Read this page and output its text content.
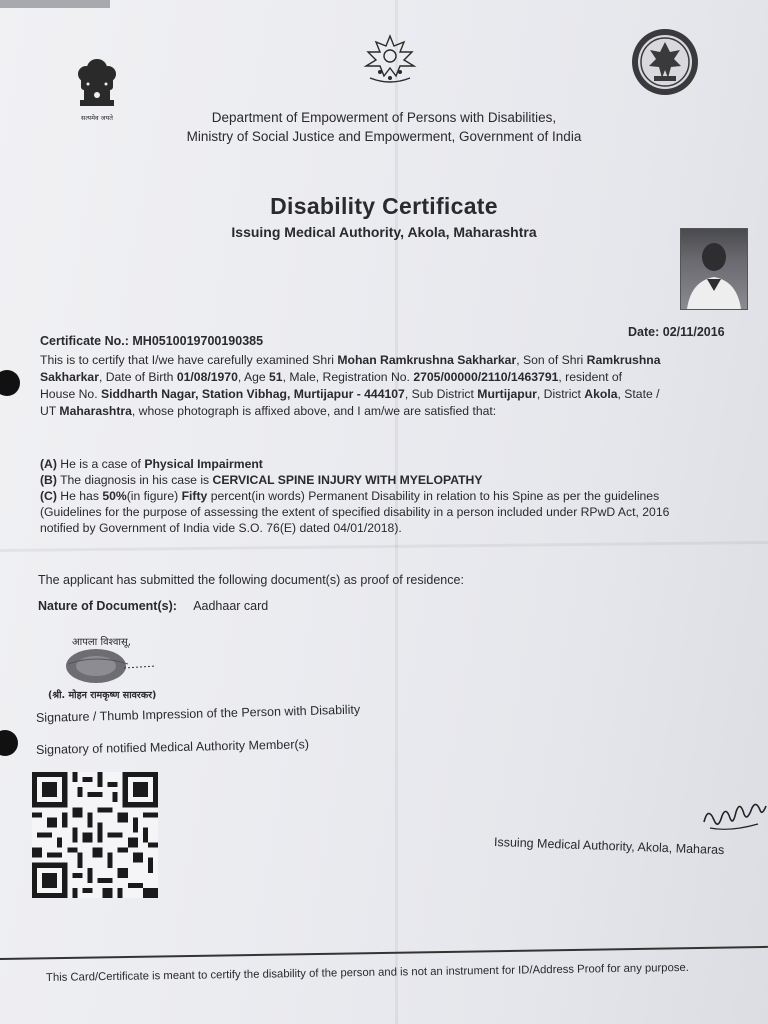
सत्यमेव जयते	Department of Empowerment of Persons with Disabilities,
Ministry of Social Justice and Empowerment, Government of India
Disability Certificate
Issuing Medical Authority, Akola, Maharashtra
Certificate No.: MH0510019700190385
Date: 02/11/2016
This is to certify that I/we have carefully examined Shri Mohan Ramkrushna Sakharkar, Son of Shri Ramkrushna
Sakharkar, Date of Birth 01/08/1970, Age 51, Male, Registration No. 2705/00000/2110/1463791, resident of
House No. Siddharth Nagar, Station Vibhag, Murtijapur - 444107, Sub District Murtijapur, District Akola, State /
UT Maharashtra, whose photograph is affixed above, and I am/we are satisfied that:
(A) He is a case of Physical Impairment
(B) The diagnosis in his case is CERVICAL SPINE INJURY WITH MYELOPATHY
(C) He has 50%(in figure) Fifty percent(in words) Permanent Disability in relation to his Spine as per the guidelines
(Guidelines for the purpose of assessing the extent of specified disability in a person included under RPwD Act, 2016
notified by Government of India vide S.O. 76(E) dated 04/01/2018).
The applicant has submitted the following document(s) as proof of residence:
Nature of Document(s): Aadhaar card
आपला विश्वासू,
(श्री. मोहन रामकृष्ण सावरकर)
Signature / Thumb Impression of the Person with Disability
Signatory of notified Medical Authority Member(s)
Issuing Medical Authority, Akola, Maharas
This Card/Certificate is meant to certify the disability of the person and is not an instrument for ID/Address Proof for any purpose.
